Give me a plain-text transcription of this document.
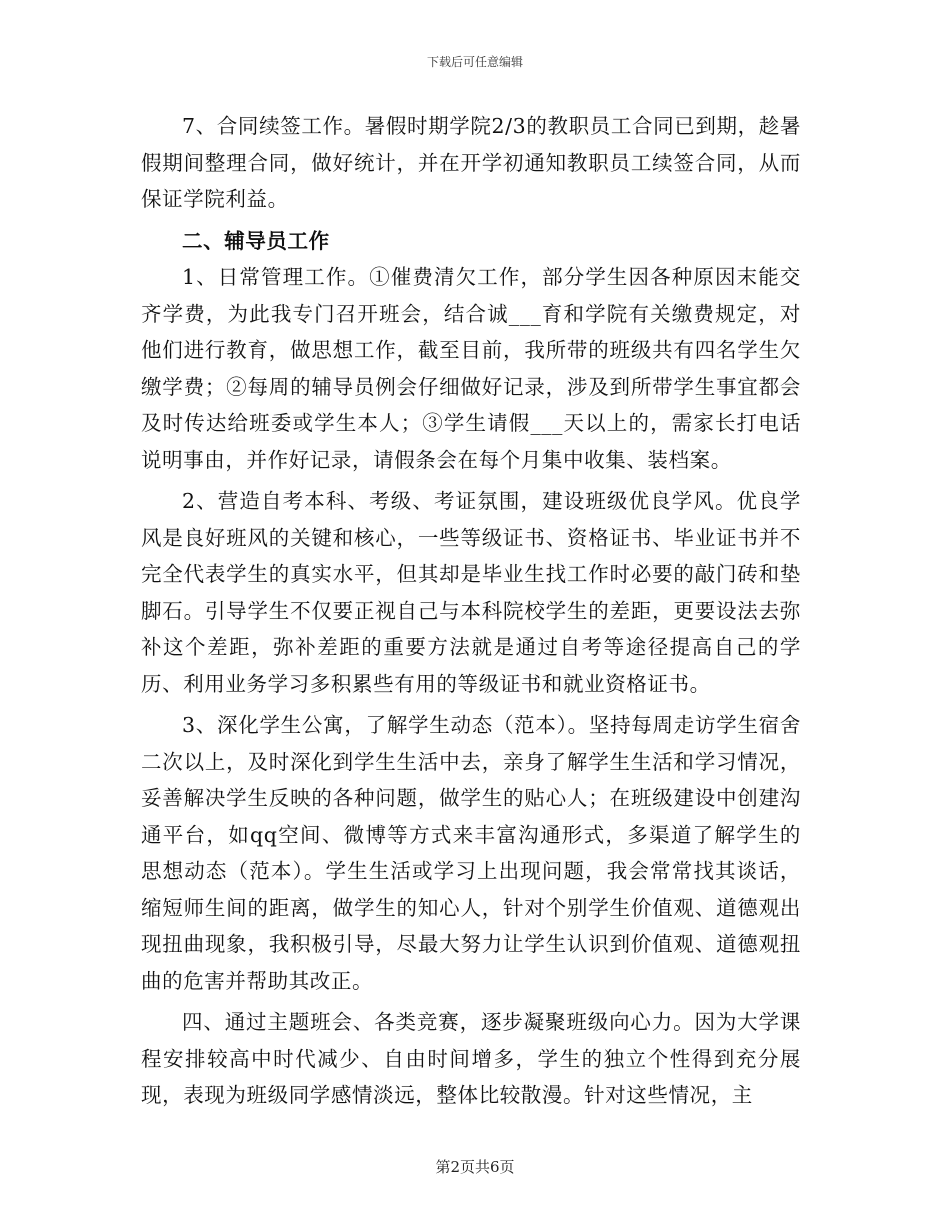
下载后可任意编辑

7、合同续签工作。暑假时期学院2/3的教职员工合同已到期，趁暑假期间整理合同，做好统计，并在开学初通知教职员工续签合同，从而保证学院利益。

二、辅导员工作

1、日常管理工作。①催费清欠工作，部分学生因各种原因末能交齐学费，为此我专门召开班会，结合诚___育和学院有关缴费规定，对他们进行教育，做思想工作，截至目前，我所带的班级共有四名学生欠缴学费；②每周的辅导员例会仔细做好记录，涉及到所带学生事宜都会及时传达给班委或学生本人；③学生请假___天以上的，需家长打电话说明事由，并作好记录，请假条会在每个月集中收集、装档案。

2、营造自考本科、考级、考证氛围，建设班级优良学风。优良学风是良好班风的关键和核心，一些等级证书、资格证书、毕业证书并不完全代表学生的真实水平，但其却是毕业生找工作时必要的敲门砖和垫脚石。引导学生不仅要正视自己与本科院校学生的差距，更要设法去弥补这个差距，弥补差距的重要方法就是通过自考等途径提高自己的学历、利用业务学习多积累些有用的等级证书和就业资格证书。

3、深化学生公寓，了解学生动态（范本）。坚持每周走访学生宿舍二次以上，及时深化到学生生活中去，亲身了解学生生活和学习情况，妥善解决学生反映的各种问题，做学生的贴心人；在班级建设中创建沟通平台，如qq空间、微博等方式来丰富沟通形式，多渠道了解学生的思想动态（范本）。学生生活或学习上出现问题，我会常常找其谈话，缩短师生间的距离，做学生的知心人，针对个别学生价值观、道德观出现扭曲现象，我积极引导，尽最大努力让学生认识到价值观、道德观扭曲的危害并帮助其改正。

四、通过主题班会、各类竞赛，逐步凝聚班级向心力。因为大学课程安排较高中时代减少、自由时间增多，学生的独立个性得到充分展现，表现为班级同学感情淡远，整体比较散漫。针对这些情况，主

第2页共6页
